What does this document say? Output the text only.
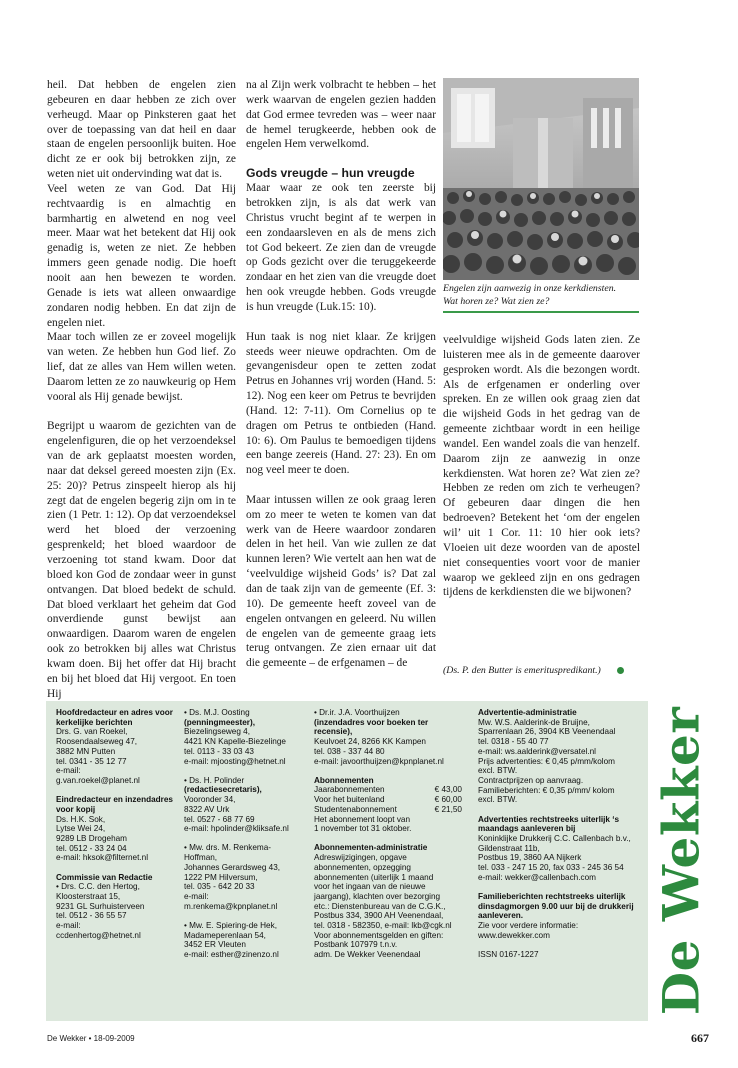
heil. Dat hebben de engelen zien gebeuren en daar hebben ze zich over verheugd. Maar op Pinksteren gaat het over de toepassing van dat heil en daar staan de engelen persoonlijk buiten. Hoe dicht ze er ook bij betrokken zijn, ze weten niet uit ondervinding wat dat is.

Veel weten ze van God. Dat Hij rechtvaardig is en almachtig en barmhartig en alwetend en nog veel meer. Maar wat het betekent dat Hij ook genadig is, weten ze niet. Ze hebben immers geen genade nodig. Die hoeft nooit aan hen bewezen te worden. Genade is iets wat alleen onwaardige zondaren nodig hebben. En dat zijn de engelen niet.

Maar toch willen ze er zoveel mogelijk van weten. Ze hebben hun God lief. Zo lief, dat ze alles van Hem willen weten. Daarom letten ze zo nauwkeurig op Hem vooral als Hij genade bewijst.

Begrijpt u waarom de gezichten van de engelenfiguren, die op het verzoendeksel van de ark geplaatst moesten worden, naar dat deksel gereed moesten zijn (Ex. 25: 20)? Petrus zinspeelt hierop als hij zegt dat de engelen begerig zijn om in te zien (1 Petr. 1: 12). Op dat verzoendeksel werd het bloed der verzoening gesprenkeld; het bloed waardoor de verzoening tot stand kwam. Door dat bloed kon God de zondaar weer in gunst ontvangen. Dat bloed bedekt de schuld. Dat bloed verklaart het geheim dat God onverdiende gunst bewijst aan onwaardigen. Daarom waren de engelen ook zo betrokken bij alles wat Christus kwam doen. Bij het offer dat Hij bracht en bij het bloed dat Hij vergoot. En toen Hij

na al Zijn werk volbracht te hebben – het werk waarvan de engelen gezien hadden dat God ermee tevreden was – weer naar de hemel terugkeerde, hebben ook de engelen Hem verwelkomd.

Gods vreugde – hun vreugde

Maar waar ze ook ten zeerste bij betrokken zijn, is als dat werk van Christus vrucht begint af te werpen in een zondaarsleven en als de mens zich tot God bekeert. Ze zien dan de vreugde op Gods gezicht over die teruggekeerde zondaar en het zien van die vreugde doet hen ook vreugde hebben. Gods vreugde is hun vreugde (Luk.15: 10).

Hun taak is nog niet klaar. Ze krijgen steeds weer nieuwe opdrachten. Om de gevangenisdeur open te zetten zodat Petrus en Johannes vrij worden (Hand. 5: 12). Nog een keer om Petrus te bevrijden (Hand. 12: 7-11). Om Cornelius op te dragen om Petrus te ontbieden (Hand. 10: 6). Om Paulus te bemoedigen tijdens een bange zeereis (Hand. 27: 23). En om nog veel meer te doen.

Maar intussen willen ze ook graag leren om zo meer te weten te komen van dat werk van de Heere waardoor zondaren delen in het heil. Van wie zullen ze dat kunnen leren? Wie vertelt aan hen wat de ‘veelvuldige wijsheid Gods’ is? Dat zal dan de taak zijn van de gemeente (Ef. 3: 10). De gemeente heeft zoveel van de engelen ontvangen en geleerd. Nu willen de engelen van de gemeente graag iets terug ontvangen. Ze zien ernaar uit dat die gemeente – de erfgenamen – de

Engelen zijn aanwezig in onze kerkdiensten.
Wat horen ze? Wat zien ze?

veelvuldige wijsheid Gods laten zien. Ze luisteren mee als in de gemeente daarover gesproken wordt. Als die bezongen wordt. Als de erfgenamen er onderling over spreken. En ze willen ook graag zien dat die wijsheid Gods in het gedrag van de gemeente zichtbaar wordt in een heilige wandel. Een wandel zoals die van henzelf. Daarom zijn ze aanwezig in onze kerkdiensten. Wat horen ze? Wat zien ze? Hebben ze reden om zich te verheugen? Of gebeuren daar dingen die hen bedroeven? Betekent het ‘om der engelen wil’ uit 1 Cor. 11: 10 hier ook iets? Vloeien uit deze woorden van de apostel niet consequenties voort voor de manier waarop we gekleed zijn en ons gedragen tijdens de kerkdiensten die we bijwonen?

(Ds. P. den Butter is emerituspredikant.)
Hoofdredacteur en adres voor kerkelijke berichten
Drs. G. van Roekel,
Roosendaalseweg 47,
3882 MN Putten
tel. 0341 - 35 12 77
e-mail:
g.van.roekel@planet.nl
Eindredacteur en inzendadres voor kopij
Ds. H.K. Sok,
Lytse Wei 24,
9289 LB Drogeham
tel. 0512 - 33 24 04
e-mail: hksok@filternet.nl
Commissie van Redactie
• Drs. C.C. den Hertog,
Kloosterstraat 15,
9231 GL Surhuisterveen
tel. 0512 - 36 55 57
e-mail:
ccdenhertog@hetnet.nl
• Ds. M.J. Oosting
(penningmeester),
Biezelingseweg 4,
4421 KN Kapelle-Biezelinge
tel. 0113 - 33 03 43
e-mail: mjoosting@hetnet.nl
• Ds. H. Polinder
(redactiesecretaris),
Vooronder 34,
8322 AV Urk
tel. 0527 - 68 77 69
e-mail: hpolinder@kliksafe.nl
• Mw. drs. M. Renkema-
Hoffman,
Johannes Gerardsweg 43,
1222 PM Hilversum,
tel. 035 - 642 20 33
e-mail:
m.renkema@kpnplanet.nl
• Mw. E. Spiering-de Hek,
Madameperenlaan 54,
3452 ER Vleuten
e-mail: esther@zinenzo.nl
• Dr.ir. J.A. Voorthuijzen
(inzendadres voor boeken ter recensie),
Keulvoet 24, 8266 KK Kampen
tel. 038 - 337 44 80
e-mail: javoorthuijzen@kpnplanet.nl
Abonnementen
Jaarabonnementen	€ 43,00
Voor het buitenland	€ 60,00
Studentenabonnement	€ 21,50
Het abonnement loopt van
1 november tot 31 oktober.
Abonnementen-administratie
Adreswijzigingen, opgave
abonnementen, opzegging
abonnementen (uiterlijk 1 maand
voor het ingaan van de nieuwe
jaargang), klachten over bezorging
etc.: Dienstenbureau van de C.G.K.,
Postbus 334, 3900 AH Veenendaal,
tel. 0318 - 582350, e-mail: lkb@cgk.nl
Voor abonnementsgelden en giften:
Postbank 107979 t.n.v.
adm. De Wekker Veenendaal
Advertentie-administratie
Mw. W.S. Aalderink-de Bruijne,
Sparrenlaan 26, 3904 KB Veenendaal
tel. 0318 - 55 40 77
e-mail: ws.aalderink@versatel.nl
Prijs advertenties: € 0,45 p/mm/kolom
excl. BTW.
Contractprijzen op aanvraag.
Familieberichten: € 0,35 p/mm/ kolom
excl. BTW.
Advertenties rechtstreeks uiterlijk ‘s maandags aanleveren bij
Koninklijke Drukkerij C.C. Callenbach b.v.,
Gildenstraat 11b,
Postbus 19, 3860 AA Nijkerk
tel. 033 - 247 15 20, fax 033 - 245 36 54
e-mail: wekker@callenbach.com
Familieberichten rechtstreeks uiterlijk dinsdagmorgen 9.00 uur bij de drukkerij aanleveren.
Zie voor verdere informatie:
www.dewekker.com
ISSN 0167-1227	De Wekker
De Wekker • 18-09-2009	667
